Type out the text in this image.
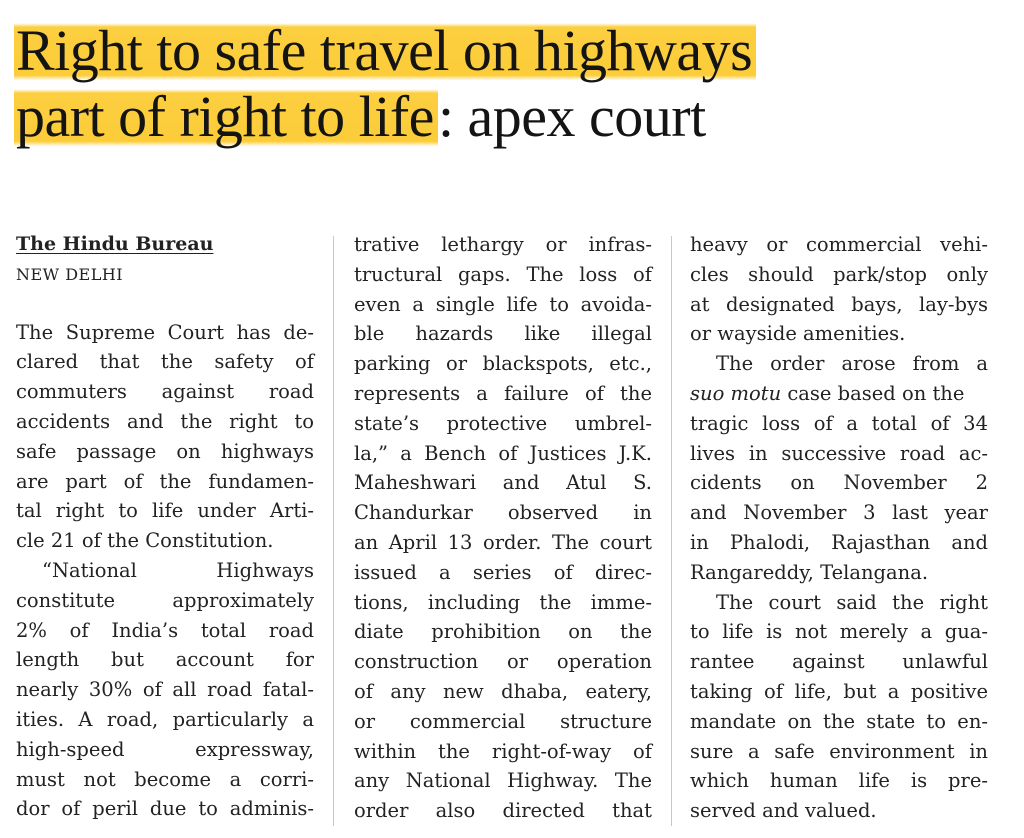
Right to safe travel on highways
part of right to life: apex court
The Hindu Bureau
NEW DELHI
The Supreme Court has de-
clared that the safety of
commuters against road
accidents and the right to
safe passage on highways
are part of the fundamen-
tal right to life under Arti-
cle 21 of the Constitution.
“National Highways
constitute approximately
2% of India’s total road
length but account for
nearly 30% of all road fatal-
ities. A road, particularly a
high-speed expressway,
must not become a corri-
dor of peril due to adminis-
trative lethargy or infras-
tructural gaps. The loss of
even a single life to avoida-
ble hazards like illegal
parking or blackspots, etc.,
represents a failure of the
state’s protective umbrel-
la,” a Bench of Justices J.K.
Maheshwari and Atul S.
Chandurkar observed in
an April 13 order. The court
issued a series of direc-
tions, including the imme-
diate prohibition on the
construction or operation
of any new dhaba, eatery,
or commercial structure
within the right-of-way of
any National Highway. The
order also directed that
heavy or commercial vehi-
cles should park/stop only
at designated bays, lay-bys
or wayside amenities.
The order arose from a
suo motu case based on the
tragic loss of a total of 34
lives in successive road ac-
cidents on November 2
and November 3 last year
in Phalodi, Rajasthan and
Rangareddy, Telangana.
The court said the right
to life is not merely a gua-
rantee against unlawful
taking of life, but a positive
mandate on the state to en-
sure a safe environment in
which human life is pre-
served and valued.
